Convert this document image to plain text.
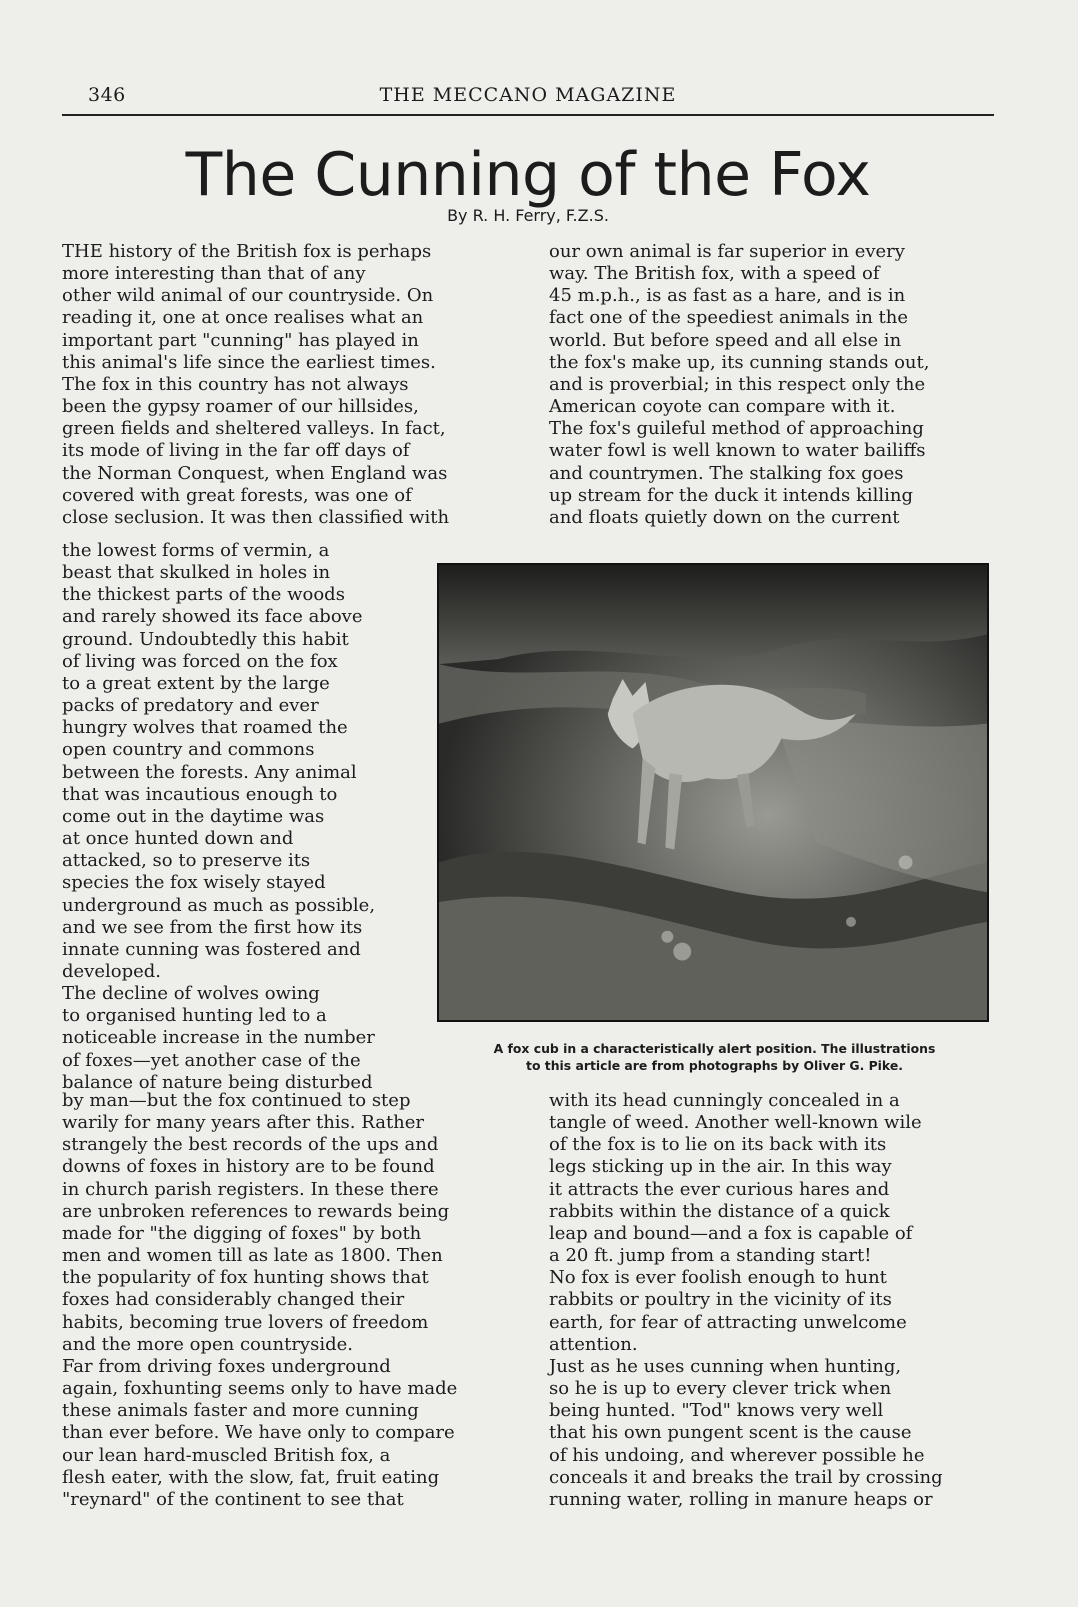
346	THE MECCANO MAGAZINE
The Cunning of the Fox
By R. H. Ferry, F.Z.S.

THE history of the British fox is perhaps
more interesting than that of any
other wild animal of our countryside. On
reading it, one at once realises what an
important part "cunning" has played in
this animal's life since the earliest times.
The fox in this country has not always
been the gypsy roamer of our hillsides,
green fields and sheltered valleys. In fact,
its mode of living in the far off days of
the Norman Conquest, when England was
covered with great forests, was one of
close seclusion. It was then classified with

the lowest forms of vermin, a
beast that skulked in holes in
the thickest parts of the woods
and rarely showed its face above
ground. Undoubtedly this habit
of living was forced on the fox
to a great extent by the large
packs of predatory and ever
hungry wolves that roamed the
open country and commons
between the forests. Any animal
that was incautious enough to
come out in the daytime was
at once hunted down and
attacked, so to preserve its
species the fox wisely stayed
underground as much as possible,
and we see from the first how its
innate cunning was fostered and
developed.
The decline of wolves owing
to organised hunting led to a
noticeable increase in the number
of foxes—yet another case of the
balance of nature being disturbed

by man—but the fox continued to step
warily for many years after this. Rather
strangely the best records of the ups and
downs of foxes in history are to be found
in church parish registers. In these there
are unbroken references to rewards being
made for "the digging of foxes" by both
men and women till as late as 1800. Then
the popularity of fox hunting shows that
foxes had considerably changed their
habits, becoming true lovers of freedom
and the more open countryside.
Far from driving foxes underground
again, foxhunting seems only to have made
these animals faster and more cunning
than ever before. We have only to compare
our lean hard-muscled British fox, a
flesh eater, with the slow, fat, fruit eating
"reynard" of the continent to see that

our own animal is far superior in every
way. The British fox, with a speed of
45 m.p.h., is as fast as a hare, and is in
fact one of the speediest animals in the
world. But before speed and all else in
the fox's make up, its cunning stands out,
and is proverbial; in this respect only the
American coyote can compare with it.
The fox's guileful method of approaching
water fowl is well known to water bailiffs
and countrymen. The stalking fox goes
up stream for the duck it intends killing
and floats quietly down on the current

with its head cunningly concealed in a
tangle of weed. Another well-known wile
of the fox is to lie on its back with its
legs sticking up in the air. In this way
it attracts the ever curious hares and
rabbits within the distance of a quick
leap and bound—and a fox is capable of
a 20 ft. jump from a standing start!
No fox is ever foolish enough to hunt
rabbits or poultry in the vicinity of its
earth, for fear of attracting unwelcome
attention.
Just as he uses cunning when hunting,
so he is up to every clever trick when
being hunted. "Tod" knows very well
that his own pungent scent is the cause
of his undoing, and wherever possible he
conceals it and breaks the trail by crossing
running water, rolling in manure heaps or

A fox cub in a characteristically alert position. The illustrations
to this article are from photographs by Oliver G. Pike.
